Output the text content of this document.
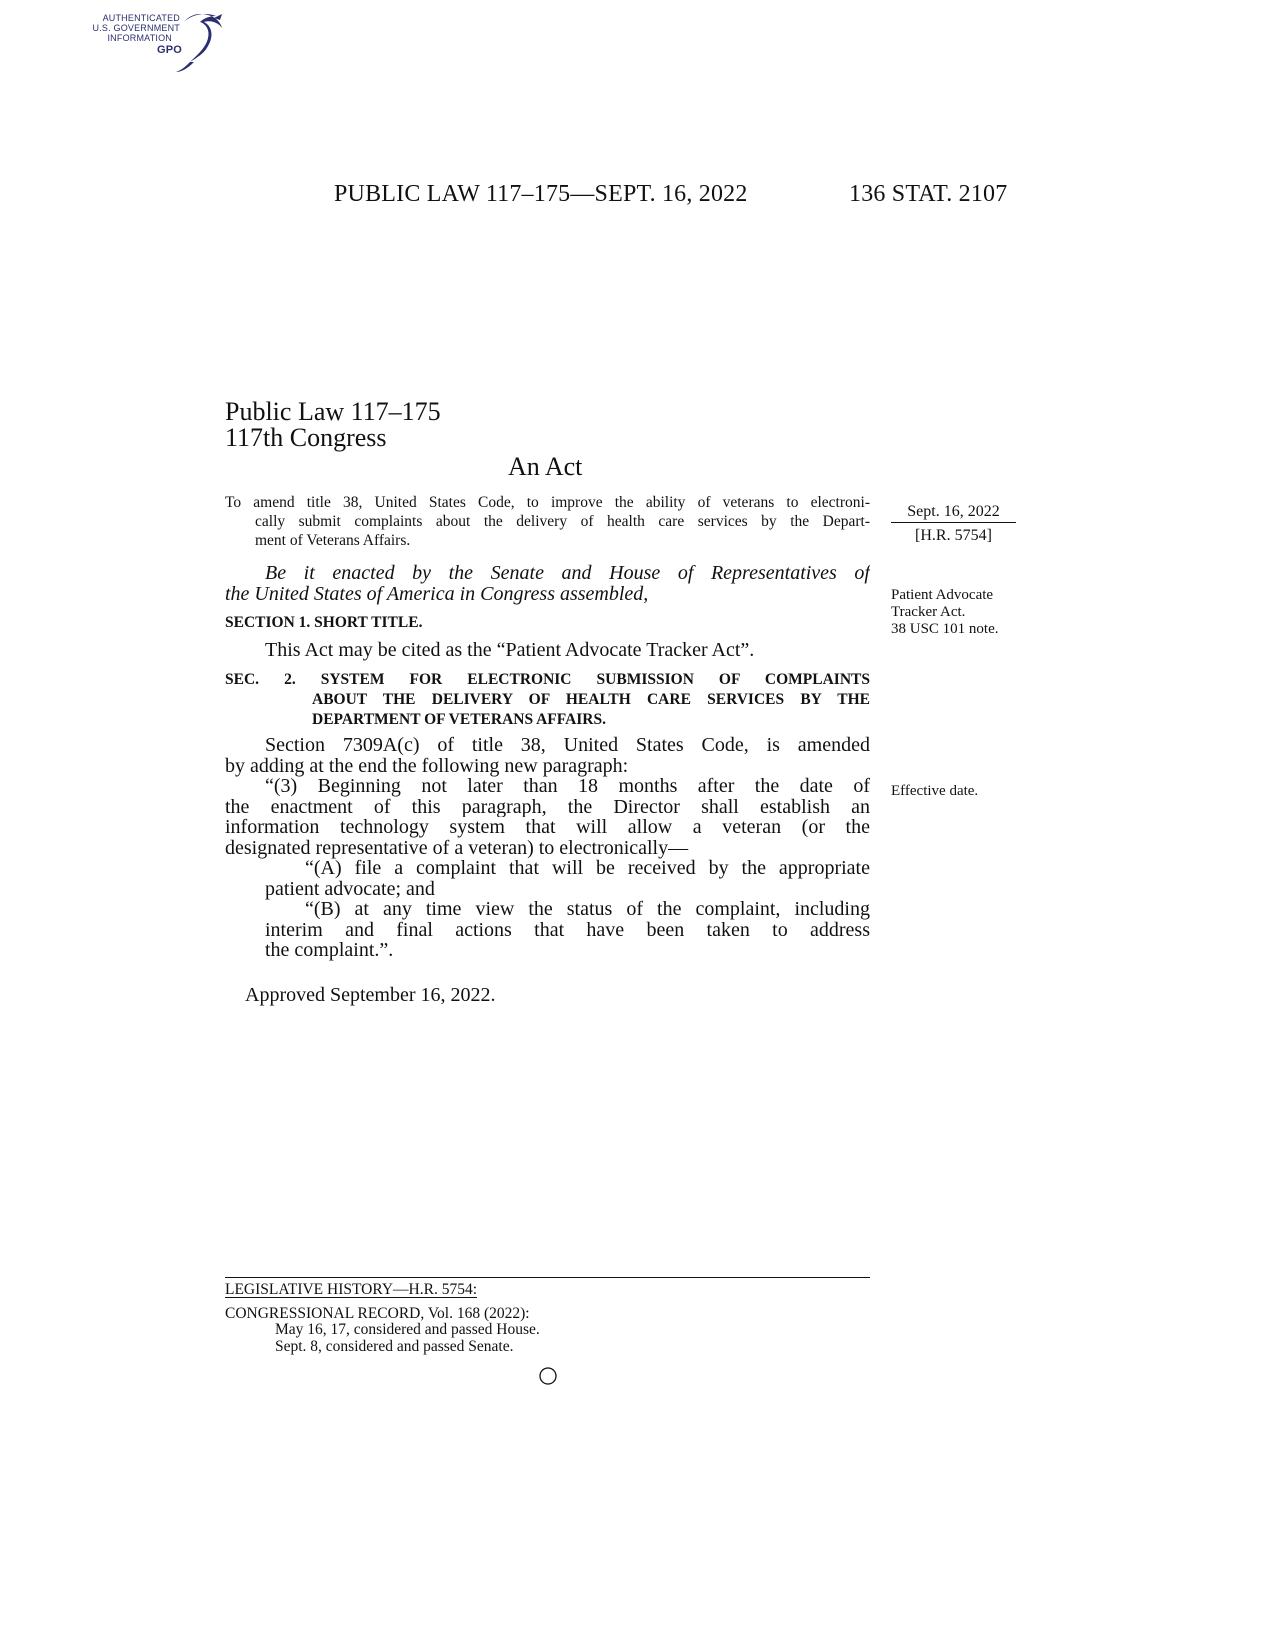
AUTHENTICATED
U.S. GOVERNMENT
INFORMATION
GPO
PUBLIC LAW 117–175—SEPT. 16, 2022	136 STAT. 2107
Public Law 117–175
117th Congress
An Act
To amend title 38, United States Code, to improve the ability of veterans to electroni-
cally submit complaints about the delivery of health care services by the Depart-
ment of Veterans Affairs.
Sept. 16, 2022
[H.R. 5754]
Be it enacted by the Senate and House of Representatives of
the United States of America in Congress assembled,	Patient Advocate
Tracker Act.
38 USC 101 note.
SECTION 1. SHORT TITLE.
This Act may be cited as the “Patient Advocate Tracker Act”.
SEC. 2. SYSTEM FOR ELECTRONIC SUBMISSION OF COMPLAINTS
ABOUT THE DELIVERY OF HEALTH CARE SERVICES BY THE
DEPARTMENT OF VETERANS AFFAIRS.
Section 7309A(c) of title 38, United States Code, is amended
by adding at the end the following new paragraph:
“(3) Beginning not later than 18 months after the date of
the enactment of this paragraph, the Director shall establish an
information technology system that will allow a veteran (or the
designated representative of a veteran) to electronically—
“(A) file a complaint that will be received by the appropriate
patient advocate; and
“(B) at any time view the status of the complaint, including
interim and final actions that have been taken to address
the complaint.”.
Effective date.
Approved September 16, 2022.
LEGISLATIVE HISTORY—H.R. 5754:
CONGRESSIONAL RECORD, Vol. 168 (2022):
May 16, 17, considered and passed House.
Sept. 8, considered and passed Senate.
